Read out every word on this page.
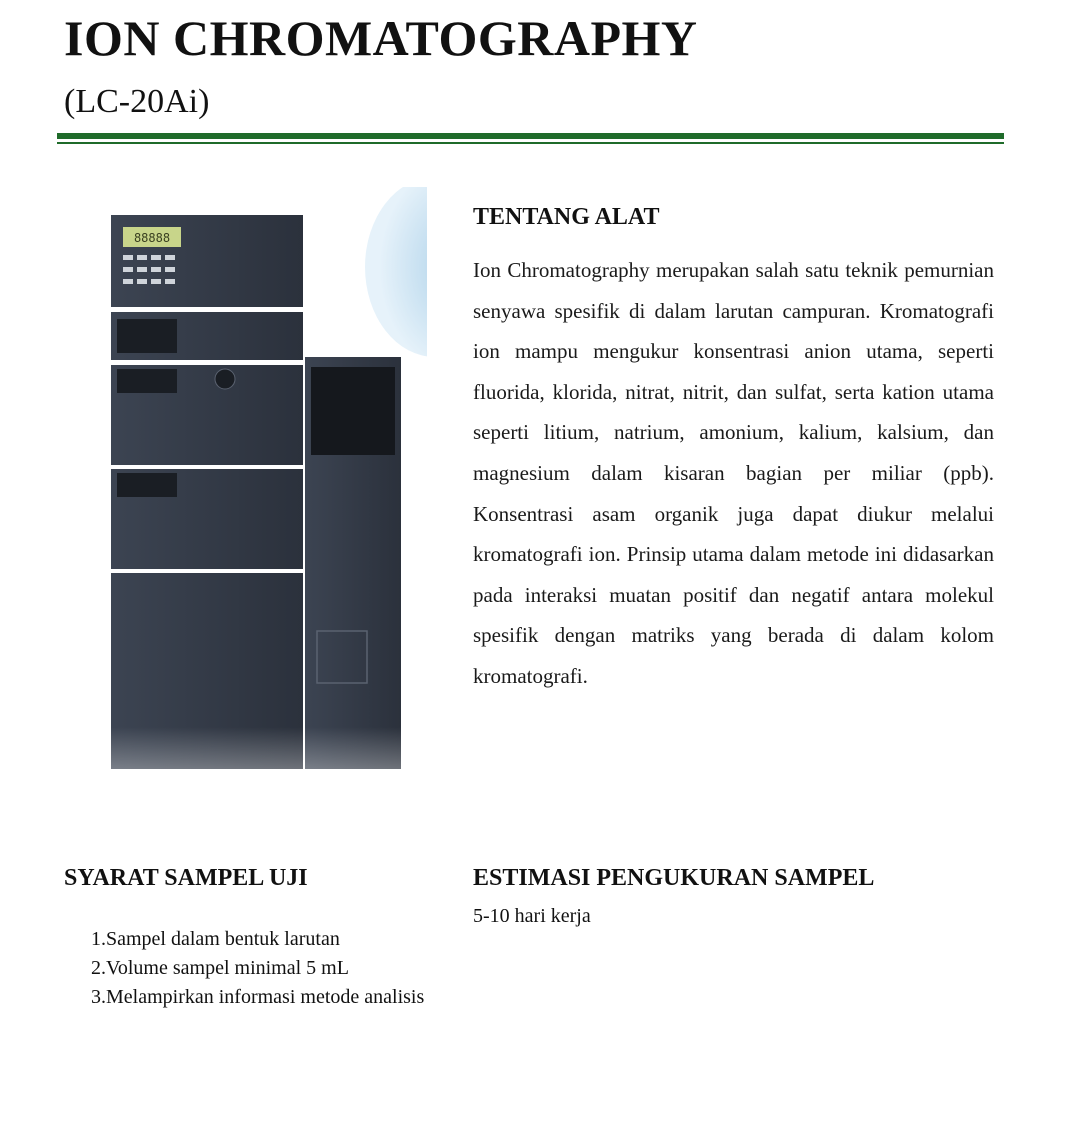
ION CHROMATOGRAPHY
(LC-20Ai)
88888
TENTANG ALAT

Ion Chromatography merupakan salah satu teknik pemurnian senyawa spesifik di dalam larutan campuran. Kromatografi ion mampu mengukur konsentrasi anion utama, seperti fluorida, klorida, nitrat, nitrit, dan sulfat, serta kation utama seperti litium, natrium, amonium, kalium, kalsium, dan magnesium dalam kisaran bagian per miliar (ppb). Konsentrasi asam organik juga dapat diukur melalui kromatografi ion. Prinsip utama dalam metode ini didasarkan pada interaksi muatan positif dan negatif antara molekul spesifik dengan matriks yang berada di dalam kolom kromatografi.

SYARAT SAMPEL UJI
1. Sampel dalam bentuk larutan
2. Volume sampel minimal 5 mL
3. Melampirkan informasi metode analisis
ESTIMASI PENGUKURAN SAMPEL

5-10 hari kerja
